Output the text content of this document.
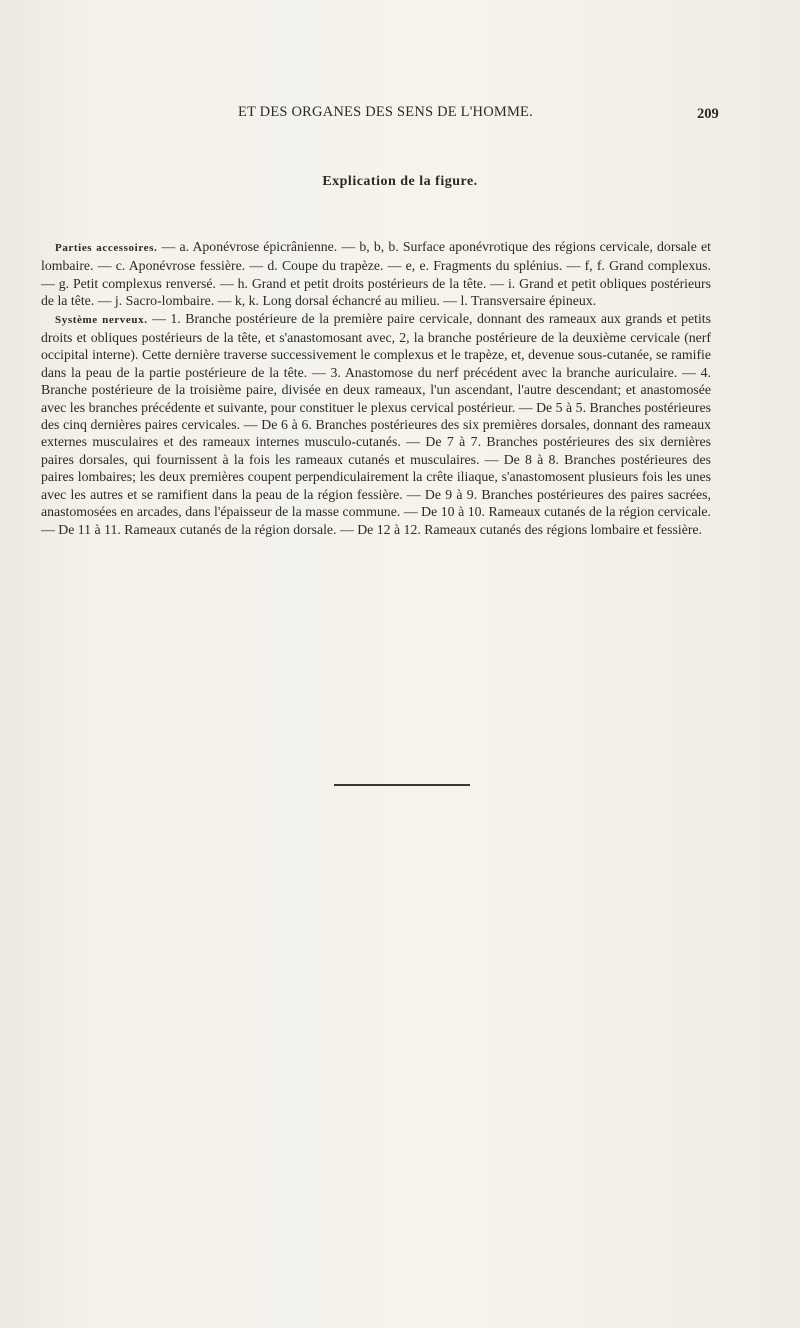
ET DES ORGANES DES SENS DE L'HOMME.	209
Explication de la figure.

Parties accessoires. — a. Aponévrose épicrânienne. — b, b, b. Surface aponévrotique des régions cervicale, dorsale et lombaire. — c. Aponévrose fessière. — d. Coupe du trapèze. — e, e. Fragments du splénius. — f, f. Grand complexus. — g. Petit complexus renversé. — h. Grand et petit droits postérieurs de la tête. — i. Grand et petit obliques postérieurs de la tête. — j. Sacro-lombaire. — k, k. Long dorsal échancré au milieu. — l. Transversaire épineux.

Système nerveux. — 1. Branche postérieure de la première paire cervicale, donnant des rameaux aux grands et petits droits et obliques postérieurs de la tête, et s'anastomosant avec, 2, la branche postérieure de la deuxième cervicale (nerf occipital interne). Cette dernière traverse successivement le complexus et le trapèze, et, devenue sous-cutanée, se ramifie dans la peau de la partie postérieure de la tête. — 3. Anastomose du nerf précédent avec la branche auriculaire. — 4. Branche postérieure de la troisième paire, divisée en deux rameaux, l'un ascendant, l'autre descendant; et anastomosée avec les branches précédente et suivante, pour constituer le plexus cervical postérieur. — De 5 à 5. Branches postérieures des cinq dernières paires cervicales. — De 6 à 6. Branches postérieures des six premières dorsales, donnant des rameaux externes musculaires et des rameaux internes musculo-cutanés. — De 7 à 7. Branches postérieures des six dernières paires dorsales, qui fournissent à la fois les rameaux cutanés et musculaires. — De 8 à 8. Branches postérieures des paires lombaires; les deux premières coupent perpendiculairement la crête iliaque, s'anastomosent plusieurs fois les unes avec les autres et se ramifient dans la peau de la région fessière. — De 9 à 9. Branches postérieures des paires sacrées, anastomosées en arcades, dans l'épaisseur de la masse commune. — De 10 à 10. Rameaux cutanés de la région cervicale. — De 11 à 11. Rameaux cutanés de la région dorsale. — De 12 à 12. Rameaux cutanés des régions lombaire et fessière.
